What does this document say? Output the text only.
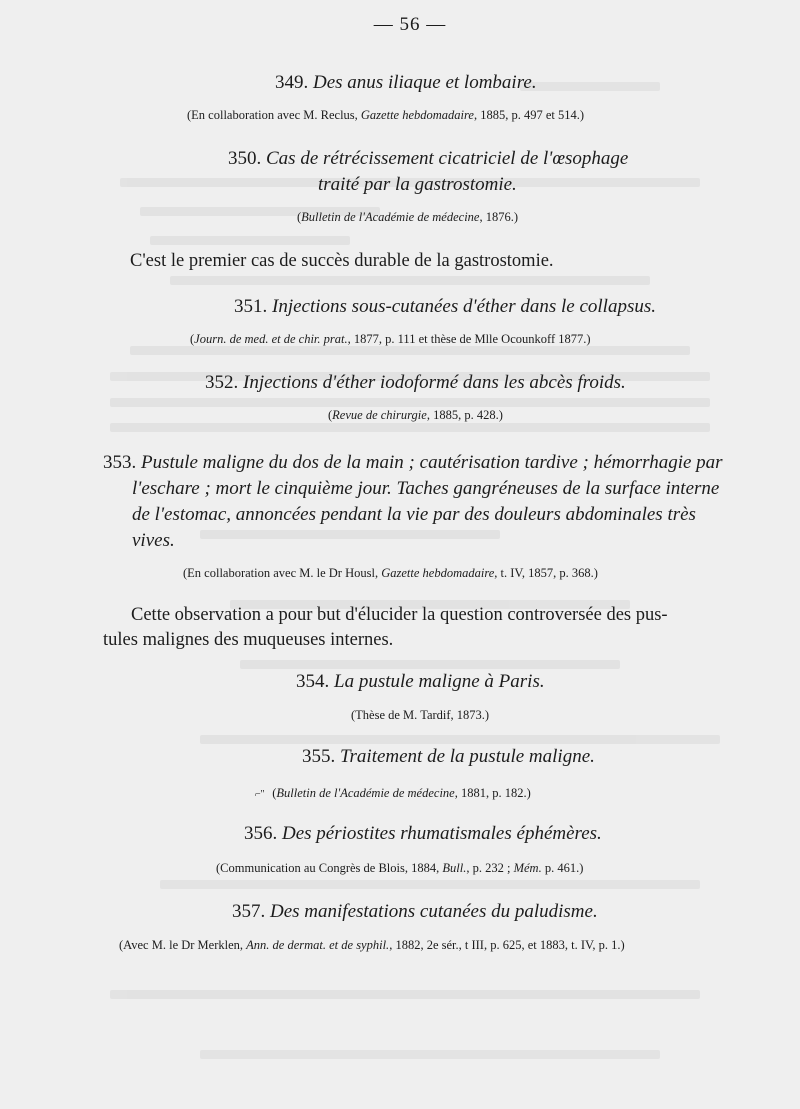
— 56 —
349. Des anus iliaque et lombaire.
(En collaboration avec M. Reclus, Gazette hebdomadaire, 1885, p. 497 et 514.)
350. Cas de rétrécissement cicatriciel de l'œsophage
traité par la gastrostomie.
(Bulletin de l'Académie de médecine, 1876.)
C'est le premier cas de succès durable de la gastrostomie.
351. Injections sous-cutanées d'éther dans le collapsus.
(Journ. de med. et de chir. prat., 1877, p. 111 et thèse de Mlle Ocounkoff 1877.)
352. Injections d'éther iodoformé dans les abcès froids.
(Revue de chirurgie, 1885, p. 428.)
353. Pustule maligne du dos de la main ; cautérisation tardive ; hémorrhagie par
l'eschare ; mort le cinquième jour. Taches gangréneuses de la surface interne
de l'estomac, annoncées pendant la vie par des douleurs abdominales très
vives.
(En collaboration avec M. le Dr Housl, Gazette hebdomadaire, t. IV, 1857, p. 368.)
Cette observation a pour but d'élucider la question controversée des pus-
tules malignes des muqueuses internes.
354. La pustule maligne à Paris.
(Thèse de M. Tardif, 1873.)
355. Traitement de la pustule maligne.
⌐'' (Bulletin de l'Académie de médecine, 1881, p. 182.)
356. Des périostites rhumatismales éphémères.
(Communication au Congrès de Blois, 1884, Bull., p. 232 ; Mém. p. 461.)
357. Des manifestations cutanées du paludisme.
(Avec M. le Dr Merklen, Ann. de dermat. et de syphil., 1882, 2e sér., t III, p. 625, et 1883, t. IV, p. 1.)
